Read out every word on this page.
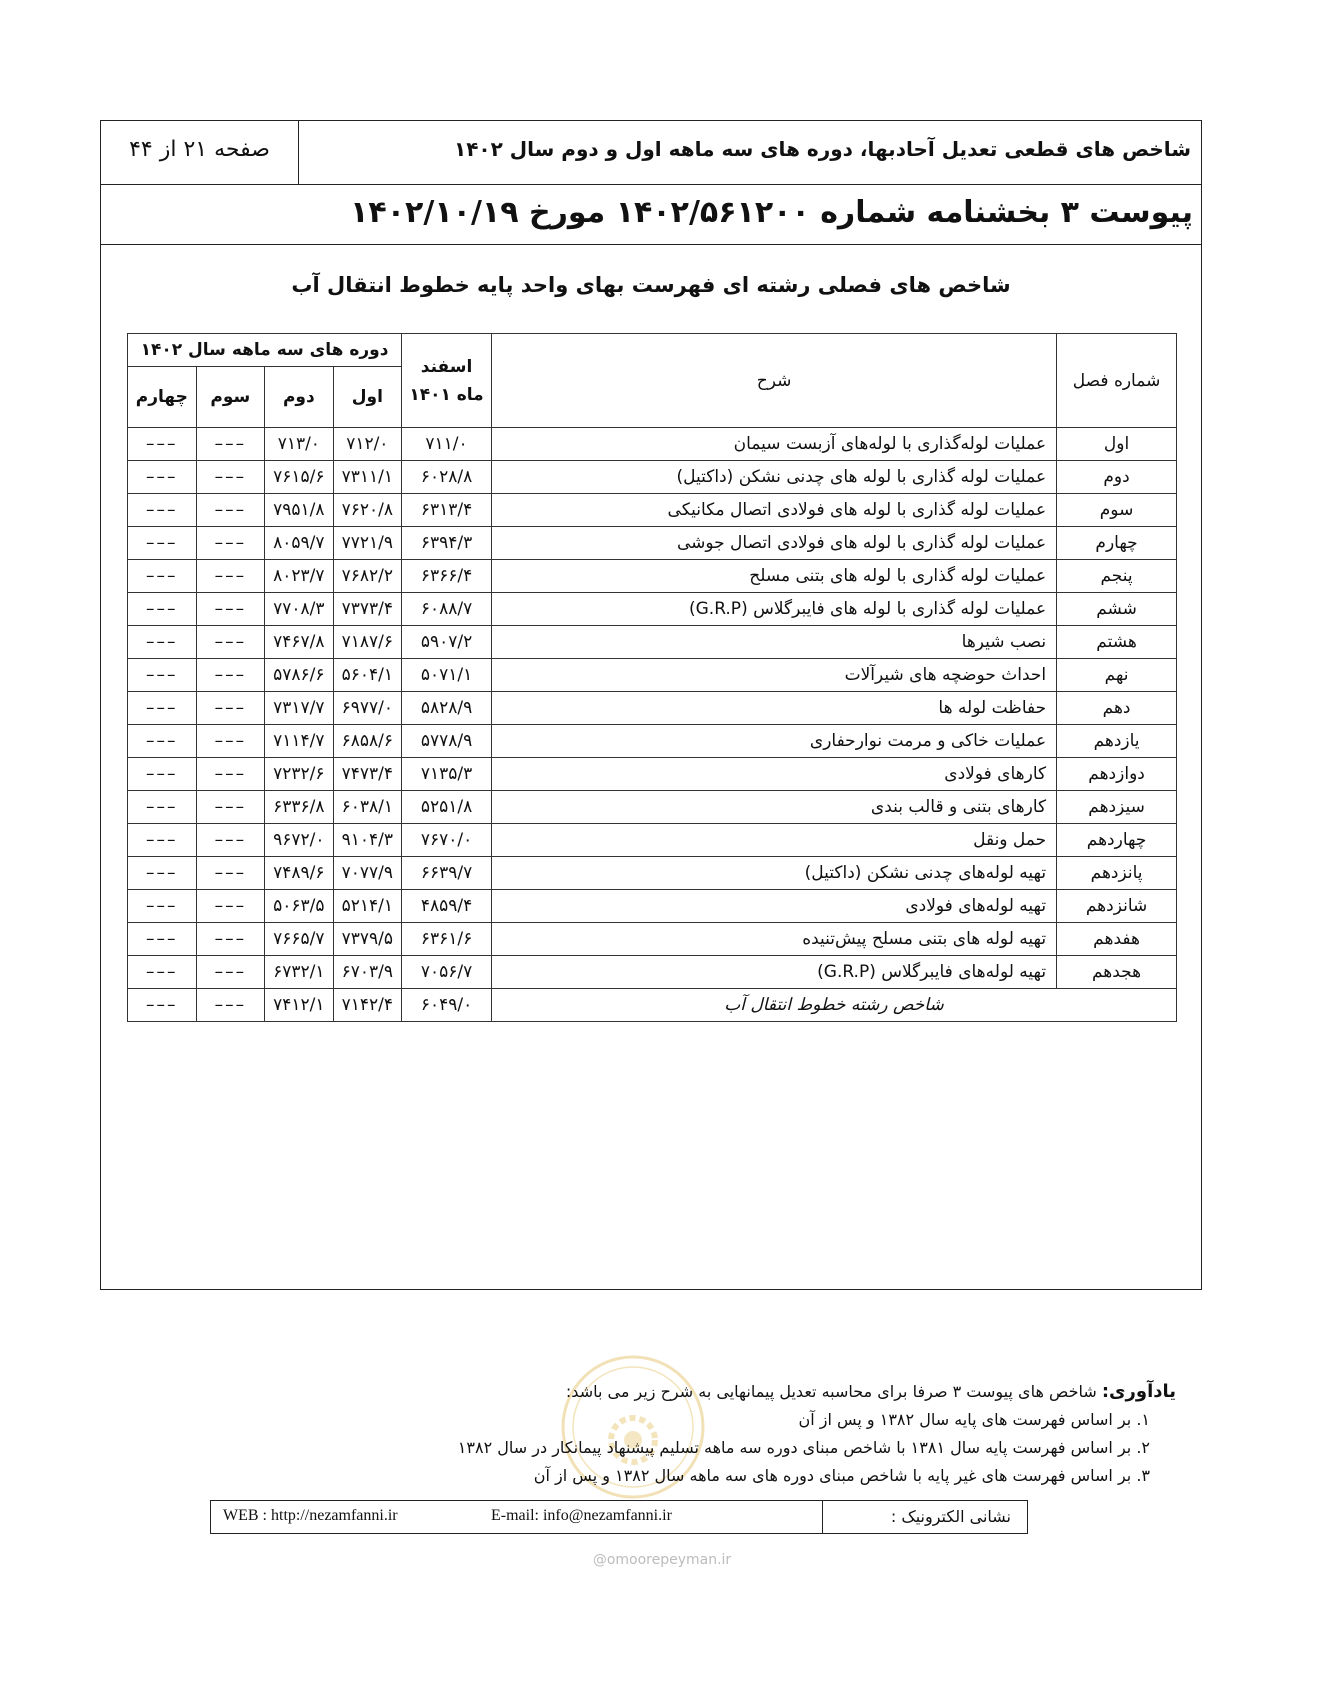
شاخص های قطعی تعدیل آحادبها، دوره های سه ماهه اول و دوم سال ۱۴۰۲
صفحه ۲۱ از ۴۴
پیوست ۳ بخشنامه شماره ۱۴۰۲/۵۶۱۲۰۰ مورخ ۱۴۰۲/۱۰/۱۹
شاخص های فصلی رشته ای فهرست بهای واحد پایه خطوط انتقال آب
شماره فصل	شرح	اسفند ماه ۱۴۰۱	دوره های سه ماهه سال ۱۴۰۲			
			اول	دوم	سوم	چهارم
اول	عملیات لوله‌گذاری با لوله‌های آزبست سیمان	۷۱۱/۰	۷۱۲/۰	۷۱۳/۰	–––	–––
دوم	عملیات لوله گذاری با لوله های چدنی نشکن (داکتیل)	۶۰۲۸/۸	۷۳۱۱/۱	۷۶۱۵/۶	–––	–––
سوم	عملیات لوله گذاری با لوله های فولادی اتصال مکانیکی	۶۳۱۳/۴	۷۶۲۰/۸	۷۹۵۱/۸	–––	–––
چهارم	عملیات لوله گذاری با لوله های فولادی اتصال جوشی	۶۳۹۴/۳	۷۷۲۱/۹	۸۰۵۹/۷	–––	–––
پنجم	عملیات لوله گذاری با لوله های بتنی مسلح	۶۳۶۶/۴	۷۶۸۲/۲	۸۰۲۳/۷	–––	–––
ششم	عملیات لوله گذاری با لوله های فایبرگلاس (G.R.P)	۶۰۸۸/۷	۷۳۷۳/۴	۷۷۰۸/۳	–––	–––
هشتم	نصب شیرها	۵۹۰۷/۲	۷۱۸۷/۶	۷۴۶۷/۸	–––	–––
نهم	احداث حوضچه های شیرآلات	۵۰۷۱/۱	۵۶۰۴/۱	۵۷۸۶/۶	–––	–––
دهم	حفاظت لوله ها	۵۸۲۸/۹	۶۹۷۷/۰	۷۳۱۷/۷	–––	–––
یازدهم	عملیات خاکی و مرمت نوارحفاری	۵۷۷۸/۹	۶۸۵۸/۶	۷۱۱۴/۷	–––	–––
دوازدهم	کارهای فولادی	۷۱۳۵/۳	۷۴۷۳/۴	۷۲۳۲/۶	–––	–––
سیزدهم	کارهای بتنی و قالب بندی	۵۲۵۱/۸	۶۰۳۸/۱	۶۳۳۶/۸	–––	–––
چهاردهم	حمل ونقل	۷۶۷۰/۰	۹۱۰۴/۳	۹۶۷۲/۰	–––	–––
پانزدهم	تهیه لوله‌های چدنی نشکن (داکتیل)	۶۶۳۹/۷	۷۰۷۷/۹	۷۴۸۹/۶	–––	–––
شانزدهم	تهیه لوله‌های فولادی	۴۸۵۹/۴	۵۲۱۴/۱	۵۰۶۳/۵	–––	–––
هفدهم	تهیه لوله های بتنی مسلح پیش‌تنیده	۶۳۶۱/۶	۷۳۷۹/۵	۷۶۶۵/۷	–––	–––
هجدهم	تهیه لوله‌های فایبرگلاس (G.R.P)	۷۰۵۶/۷	۶۷۰۳/۹	۶۷۳۲/۱	–––	–––
شاخص رشته خطوط انتقال آب		۶۰۴۹/۰	۷۱۴۲/۴	۷۴۱۲/۱	–––	–––
یادآوری: شاخص های پیوست ۳ صرفا برای محاسبه تعدیل پیمانهایی به شرح زیر می باشد:
۱. بر اساس فهرست های پایه سال ۱۳۸۲ و پس از آن
۲. بر اساس فهرست پایه سال ۱۳۸۱ با شاخص مبنای دوره سه ماهه تسلیم پیشنهاد پیمانکار در سال ۱۳۸۲
۳. بر اساس فهرست های غیر پایه با شاخص مبنای دوره های سه ماهه سال ۱۳۸۲ و پس از آن
نشانی الکترونیک :
E-mail: info@nezamfanni.ir
WEB : http://nezamfanni.ir
@omoorepeyman.ir
